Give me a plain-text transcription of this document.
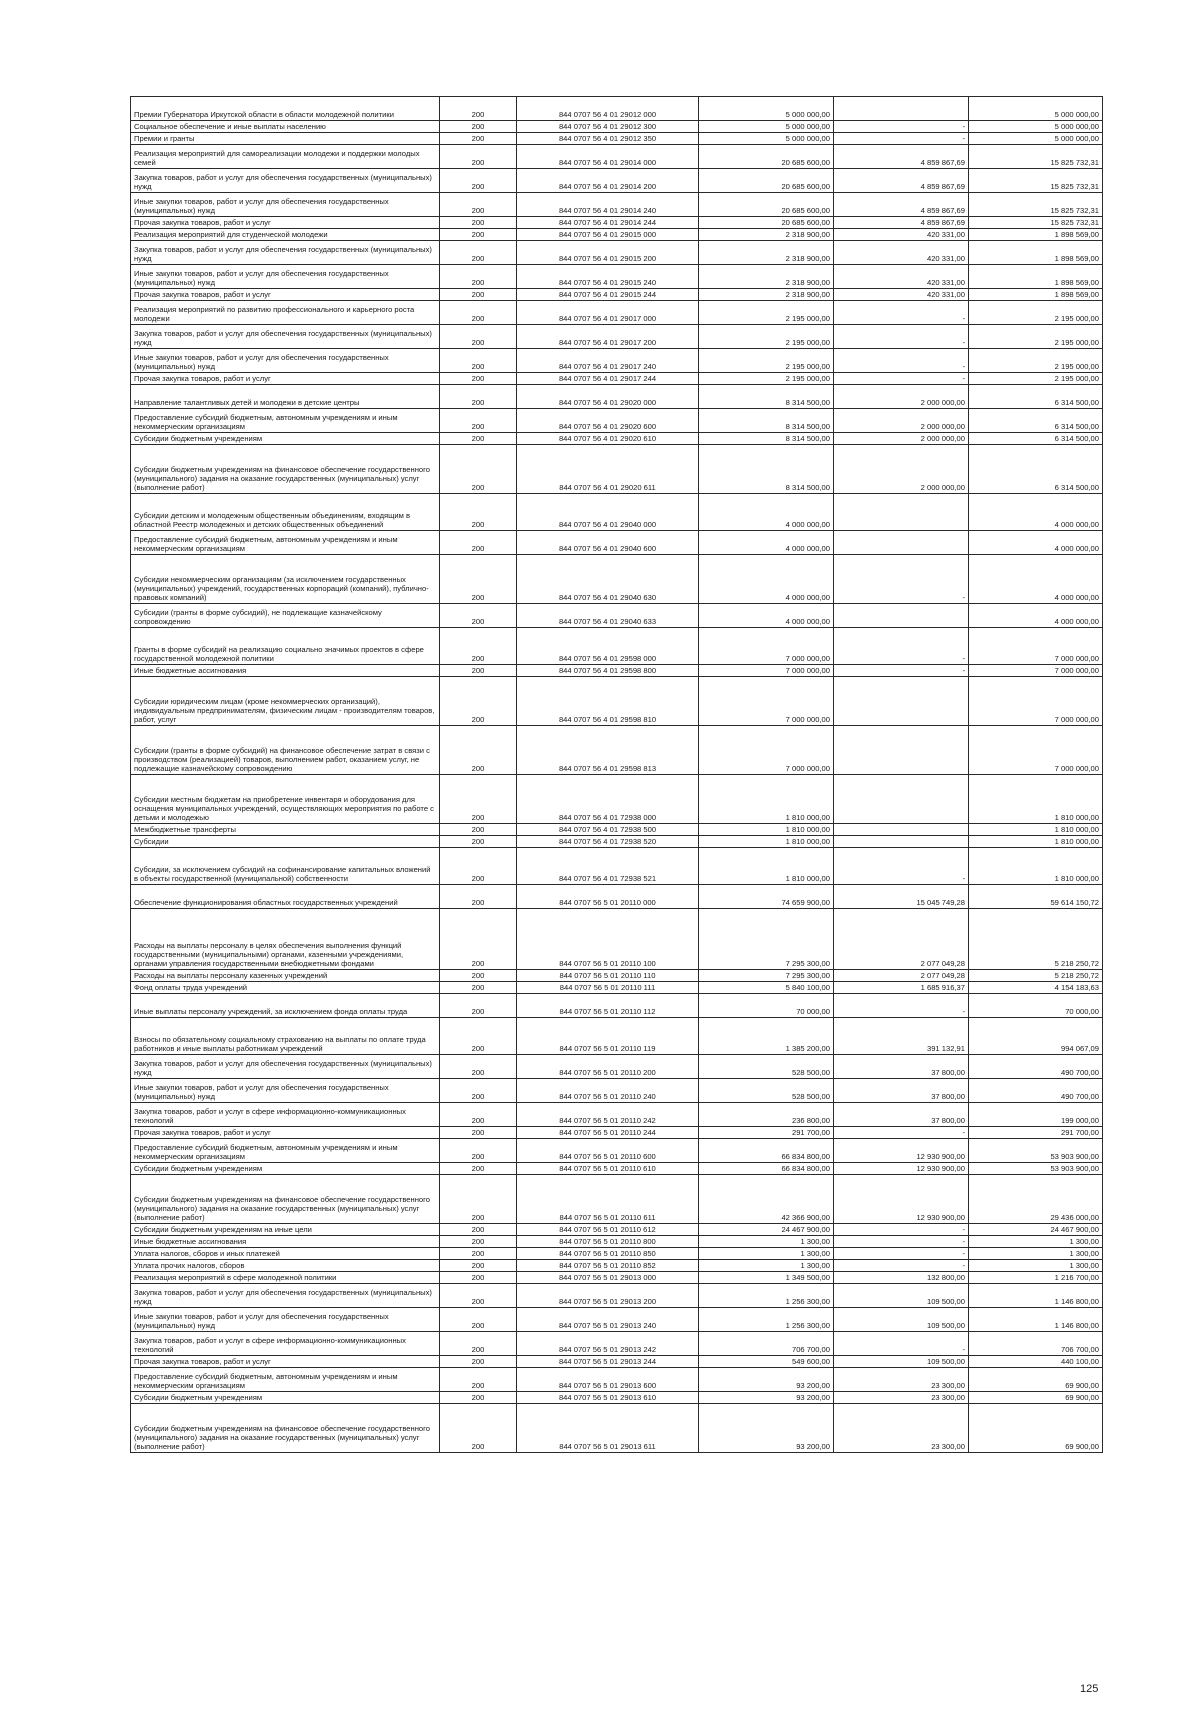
Премии Губернатора Иркутской области в области молодежной политики	200	844 0707 56 4 01 29012 000	5 000 000,00		5 000 000,00
Социальное обеспечение и иные выплаты населению	200	844 0707 56 4 01 29012 300	5 000 000,00	-	5 000 000,00
Премии и гранты	200	844 0707 56 4 01 29012 350	5 000 000,00	-	5 000 000,00
Реализация мероприятий для самореализации молодежи и поддержки молодых семей	200	844 0707 56 4 01 29014 000	20 685 600,00	4 859 867,69	15 825 732,31
Закупка товаров, работ и услуг для обеспечения государственных (муниципальных) нужд	200	844 0707 56 4 01 29014 200	20 685 600,00	4 859 867,69	15 825 732,31
Иные закупки товаров, работ и услуг для обеспечения государственных (муниципальных) нужд	200	844 0707 56 4 01 29014 240	20 685 600,00	4 859 867,69	15 825 732,31
Прочая закупка товаров, работ и услуг	200	844 0707 56 4 01 29014 244	20 685 600,00	4 859 867,69	15 825 732,31
Реализация мероприятий для студенческой молодежи	200	844 0707 56 4 01 29015 000	2 318 900,00	420 331,00	1 898 569,00
Закупка товаров, работ и услуг для обеспечения государственных (муниципальных) нужд	200	844 0707 56 4 01 29015 200	2 318 900,00	420 331,00	1 898 569,00
Иные закупки товаров, работ и услуг для обеспечения государственных (муниципальных) нужд	200	844 0707 56 4 01 29015 240	2 318 900,00	420 331,00	1 898 569,00
Прочая закупка товаров, работ и услуг	200	844 0707 56 4 01 29015 244	2 318 900,00	420 331,00	1 898 569,00
Реализация мероприятий по развитию профессионального и карьерного роста молодежи	200	844 0707 56 4 01 29017 000	2 195 000,00	-	2 195 000,00
Закупка товаров, работ и услуг для обеспечения государственных (муниципальных) нужд	200	844 0707 56 4 01 29017 200	2 195 000,00	-	2 195 000,00
Иные закупки товаров, работ и услуг для обеспечения государственных (муниципальных) нужд	200	844 0707 56 4 01 29017 240	2 195 000,00	-	2 195 000,00
Прочая закупка товаров, работ и услуг	200	844 0707 56 4 01 29017 244	2 195 000,00	-	2 195 000,00
Направление талантливых детей и молодежи в детские центры	200	844 0707 56 4 01 29020 000	8 314 500,00	2 000 000,00	6 314 500,00
Предоставление субсидий бюджетным, автономным учреждениям и иным некоммерческим организациям	200	844 0707 56 4 01 29020 600	8 314 500,00	2 000 000,00	6 314 500,00
Субсидии бюджетным учреждениям	200	844 0707 56 4 01 29020 610	8 314 500,00	2 000 000,00	6 314 500,00
Субсидии бюджетным учреждениям на финансовое обеспечение государственного (муниципального) задания на оказание государственных (муниципальных) услуг (выполнение работ)	200	844 0707 56 4 01 29020 611	8 314 500,00	2 000 000,00	6 314 500,00
Субсидии детским и молодежным общественным объединениям, входящим в областной Реестр молодежных и детских общественных объединений	200	844 0707 56 4 01 29040 000	4 000 000,00		4 000 000,00
Предоставление субсидий бюджетным, автономным учреждениям и иным некоммерческим организациям	200	844 0707 56 4 01 29040 600	4 000 000,00		4 000 000,00
Субсидии некоммерческим организациям (за исключением государственных (муниципальных) учреждений, государственных корпораций (компаний), публично-правовых компаний)	200	844 0707 56 4 01 29040 630	4 000 000,00	-	4 000 000,00
Субсидии (гранты в форме субсидий), не подлежащие казначейскому сопровождению	200	844 0707 56 4 01 29040 633	4 000 000,00		4 000 000,00
Гранты в форме субсидий на реализацию социально значимых проектов в сфере государственной молодежной политики	200	844 0707 56 4 01 29598 000	7 000 000,00	-	7 000 000,00
Иные бюджетные ассигнования	200	844 0707 56 4 01 29598 800	7 000 000,00	-	7 000 000,00
Субсидии юридическим лицам (кроме некоммерческих организаций), индивидуальным предпринимателям, физическим лицам - производителям товаров, работ, услуг	200	844 0707 56 4 01 29598 810	7 000 000,00		7 000 000,00
Субсидии (гранты в форме субсидий) на финансовое обеспечение затрат в связи с производством (реализацией) товаров, выполнением работ, оказанием услуг, не подлежащие казначейскому сопровождению	200	844 0707 56 4 01 29598 813	7 000 000,00		7 000 000,00
Субсидии местным бюджетам на приобретение инвентаря и оборудования для оснащения муниципальных учреждений, осуществляющих мероприятия по работе с детьми и молодежью	200	844 0707 56 4 01 72938 000	1 810 000,00		1 810 000,00
Межбюджетные трансферты	200	844 0707 56 4 01 72938 500	1 810 000,00		1 810 000,00
Субсидии	200	844 0707 56 4 01 72938 520	1 810 000,00		1 810 000,00
Субсидии, за исключением субсидий на софинансирование капитальных вложений в объекты государственной (муниципальной) собственности	200	844 0707 56 4 01 72938 521	1 810 000,00	-	1 810 000,00
Обеспечение функционирования областных государственных учреждений	200	844 0707 56 5 01 20110 000	74 659 900,00	15 045 749,28	59 614 150,72
Расходы на выплаты персоналу в целях обеспечения выполнения функций государственными (муниципальными) органами, казенными учреждениями, органами управления государственными внебюджетными фондами	200	844 0707 56 5 01 20110 100	7 295 300,00	2 077 049,28	5 218 250,72
Расходы на выплаты персоналу казенных учреждений	200	844 0707 56 5 01 20110 110	7 295 300,00	2 077 049,28	5 218 250,72
Фонд оплаты труда учреждений	200	844 0707 56 5 01 20110 111	5 840 100,00	1 685 916,37	4 154 183,63
Иные выплаты персоналу учреждений, за исключением фонда оплаты труда	200	844 0707 56 5 01 20110 112	70 000,00	-	70 000,00
Взносы по обязательному социальному страхованию на выплаты по оплате труда работников и иные выплаты работникам учреждений	200	844 0707 56 5 01 20110 119	1 385 200,00	391 132,91	994 067,09
Закупка товаров, работ и услуг для обеспечения государственных (муниципальных) нужд	200	844 0707 56 5 01 20110 200	528 500,00	37 800,00	490 700,00
Иные закупки товаров, работ и услуг для обеспечения государственных (муниципальных) нужд	200	844 0707 56 5 01 20110 240	528 500,00	37 800,00	490 700,00
Закупка товаров, работ и услуг в сфере информационно-коммуникационных технологий	200	844 0707 56 5 01 20110 242	236 800,00	37 800,00	199 000,00
Прочая закупка товаров, работ и услуг	200	844 0707 56 5 01 20110 244	291 700,00	-	291 700,00
Предоставление субсидий бюджетным, автономным учреждениям и иным некоммерческим организациям	200	844 0707 56 5 01 20110 600	66 834 800,00	12 930 900,00	53 903 900,00
Субсидии бюджетным учреждениям	200	844 0707 56 5 01 20110 610	66 834 800,00	12 930 900,00	53 903 900,00
Субсидии бюджетным учреждениям на финансовое обеспечение государственного (муниципального) задания на оказание государственных (муниципальных) услуг (выполнение работ)	200	844 0707 56 5 01 20110 611	42 366 900,00	12 930 900,00	29 436 000,00
Субсидии бюджетным учреждениям на иные цели	200	844 0707 56 5 01 20110 612	24 467 900,00	-	24 467 900,00
Иные бюджетные ассигнования	200	844 0707 56 5 01 20110 800	1 300,00	-	1 300,00
Уплата налогов, сборов и иных платежей	200	844 0707 56 5 01 20110 850	1 300,00	-	1 300,00
Уплата прочих налогов, сборов	200	844 0707 56 5 01 20110 852	1 300,00	-	1 300,00
Реализация мероприятий в сфере молодежной политики	200	844 0707 56 5 01 29013 000	1 349 500,00	132 800,00	1 216 700,00
Закупка товаров, работ и услуг для обеспечения государственных (муниципальных) нужд	200	844 0707 56 5 01 29013 200	1 256 300,00	109 500,00	1 146 800,00
Иные закупки товаров, работ и услуг для обеспечения государственных (муниципальных) нужд	200	844 0707 56 5 01 29013 240	1 256 300,00	109 500,00	1 146 800,00
Закупка товаров, работ и услуг в сфере информационно-коммуникационных технологий	200	844 0707 56 5 01 29013 242	706 700,00	-	706 700,00
Прочая закупка товаров, работ и услуг	200	844 0707 56 5 01 29013 244	549 600,00	109 500,00	440 100,00
Предоставление субсидий бюджетным, автономным учреждениям и иным некоммерческим организациям	200	844 0707 56 5 01 29013 600	93 200,00	23 300,00	69 900,00
Субсидии бюджетным учреждениям	200	844 0707 56 5 01 29013 610	93 200,00	23 300,00	69 900,00
Субсидии бюджетным учреждениям на финансовое обеспечение государственного (муниципального) задания на оказание государственных (муниципальных) услуг (выполнение работ)	200	844 0707 56 5 01 29013 611	93 200,00	23 300,00	69 900,00
125
